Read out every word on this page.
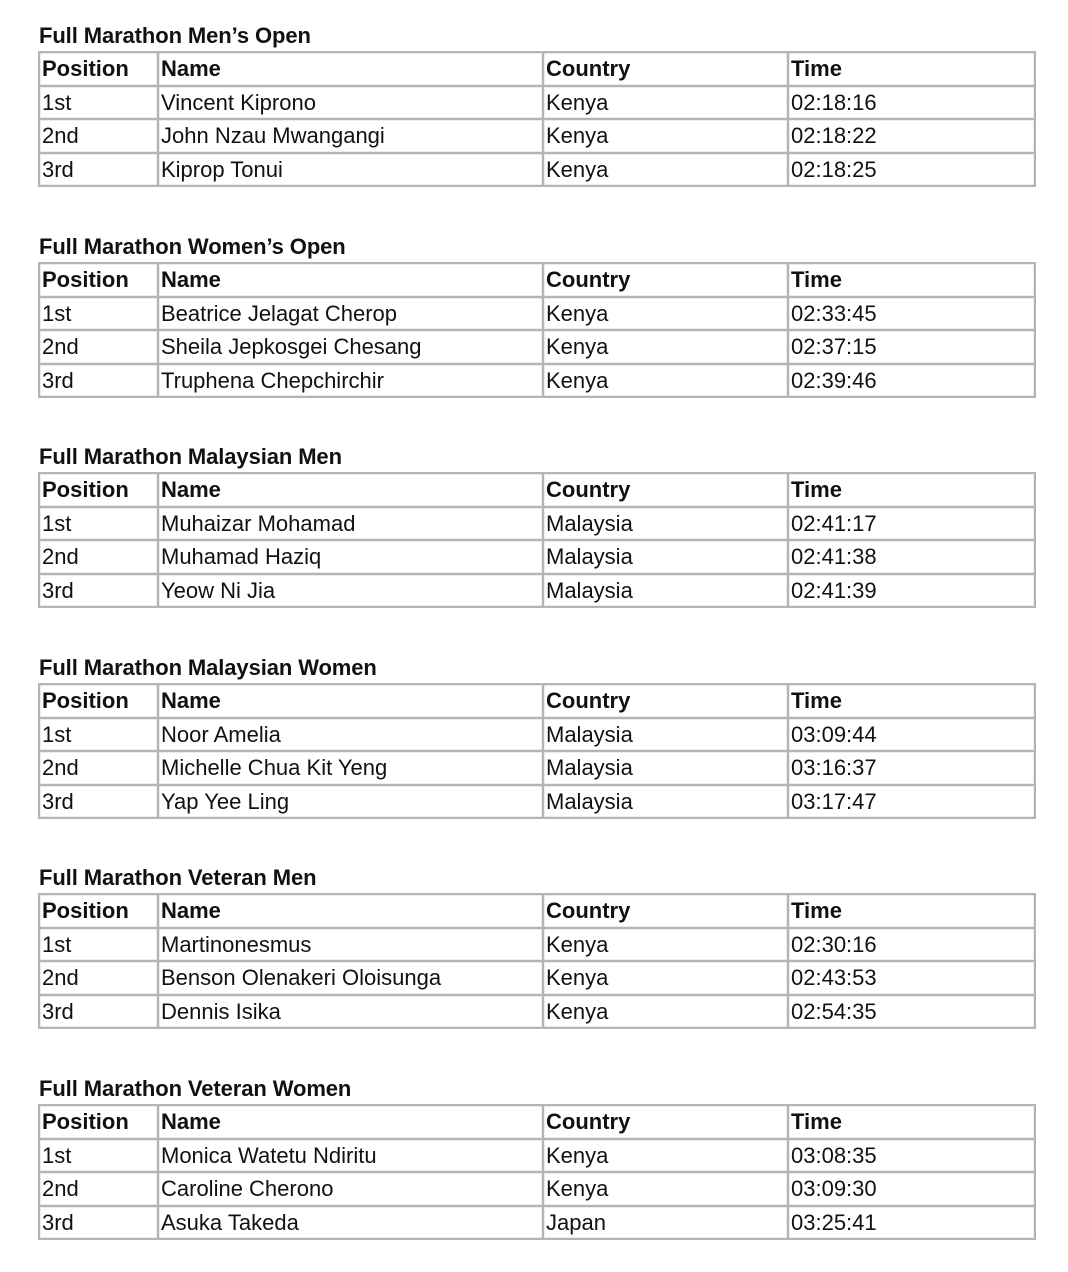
Full Marathon Men’s Open
Position	Name	Country	Time
1st	Vincent Kiprono	Kenya	02:18:16
2nd	John Nzau Mwangangi	Kenya	02:18:22
3rd	Kiprop Tonui	Kenya	02:18:25
Full Marathon Women’s Open
Position	Name	Country	Time
1st	Beatrice Jelagat Cherop	Kenya	02:33:45
2nd	Sheila Jepkosgei Chesang	Kenya	02:37:15
3rd	Truphena Chepchirchir	Kenya	02:39:46
Full Marathon Malaysian Men
Position	Name	Country	Time
1st	Muhaizar Mohamad	Malaysia	02:41:17
2nd	Muhamad Haziq	Malaysia	02:41:38
3rd	Yeow Ni Jia	Malaysia	02:41:39
Full Marathon Malaysian Women
Position	Name	Country	Time
1st	Noor Amelia	Malaysia	03:09:44
2nd	Michelle Chua Kit Yeng	Malaysia	03:16:37
3rd	Yap Yee Ling	Malaysia	03:17:47
Full Marathon Veteran Men
Position	Name	Country	Time
1st	Martinonesmus	Kenya	02:30:16
2nd	Benson Olenakeri Oloisunga	Kenya	02:43:53
3rd	Dennis Isika	Kenya	02:54:35
Full Marathon Veteran Women
Position	Name	Country	Time
1st	Monica Watetu Ndiritu	Kenya	03:08:35
2nd	Caroline Cherono	Kenya	03:09:30
3rd	Asuka Takeda	Japan	03:25:41
